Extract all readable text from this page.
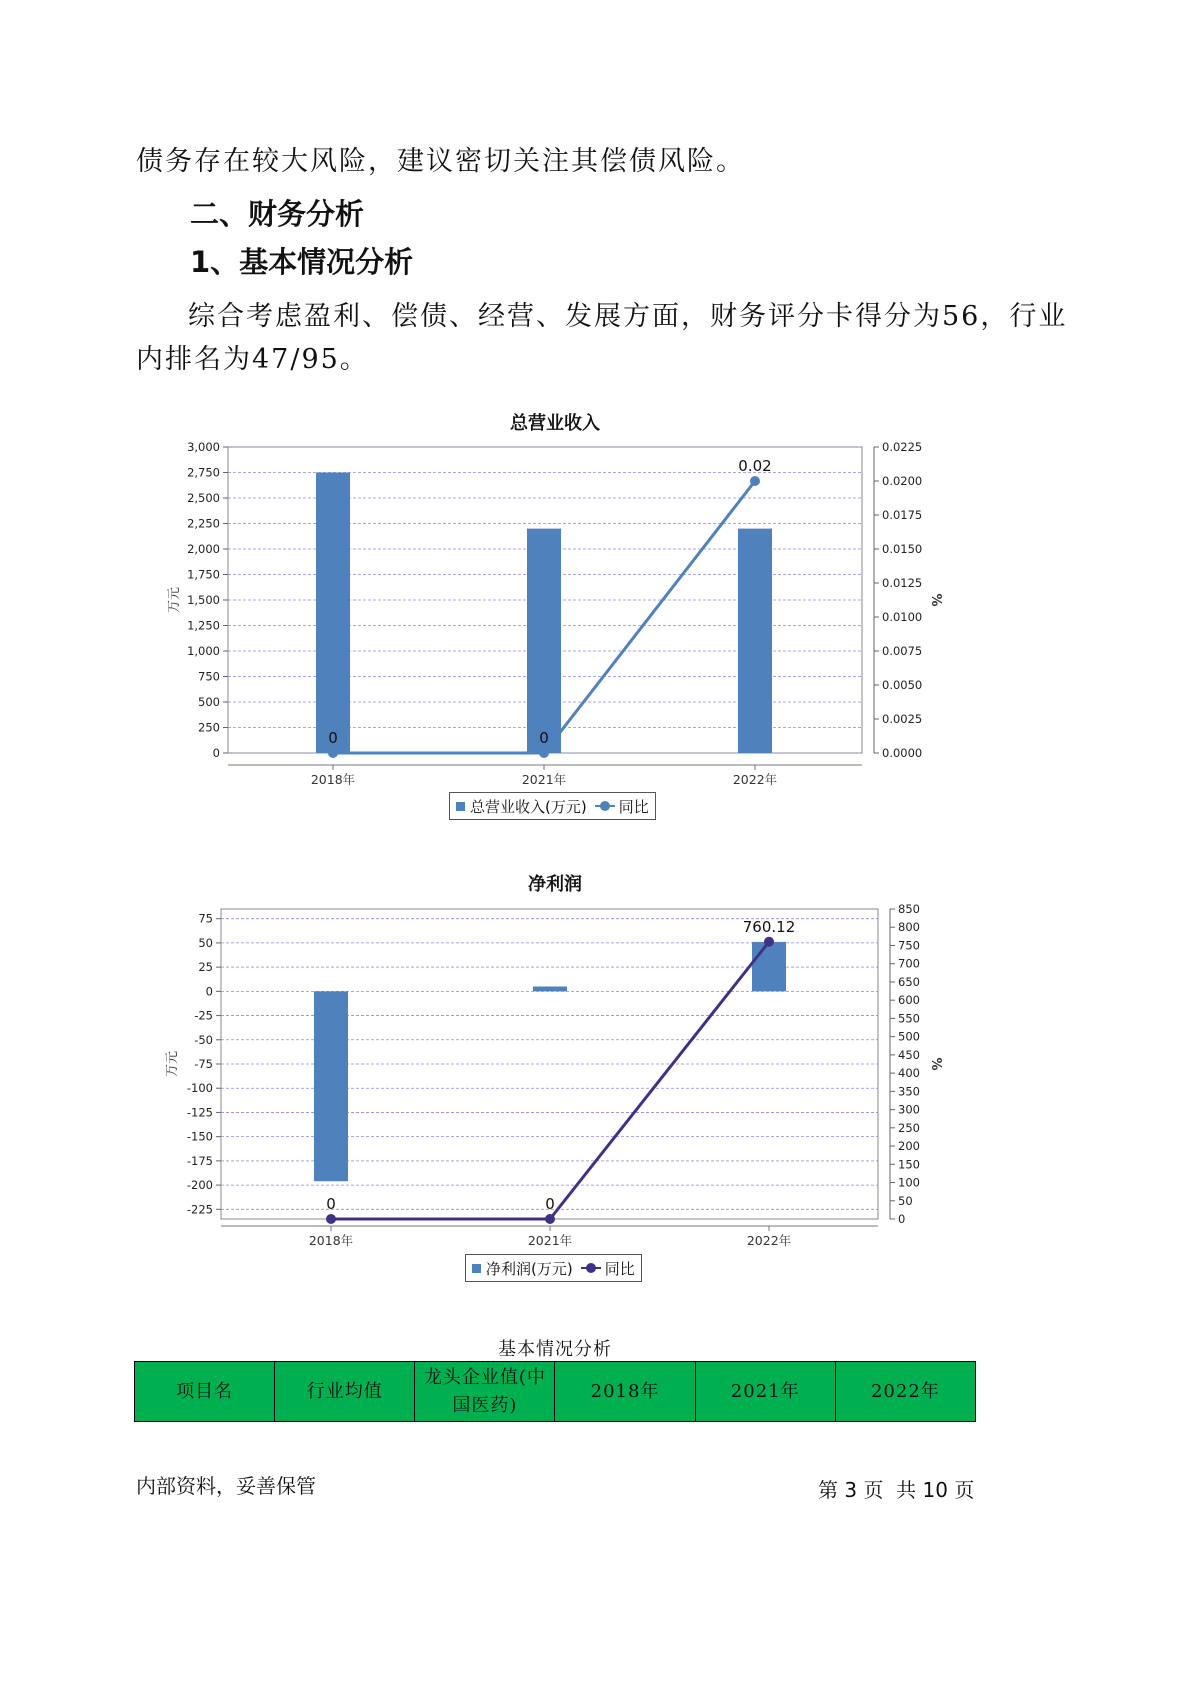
债务存在较大风险，建议密切关注其偿债风险。
二、财务分析
1、基本情况分析
综合考虑盈利、偿债、经营、发展方面，财务评分卡得分为56，行业
内排名为47/95。
总营业收入
0
250
500
750
1,000
1,250
1,500
1,750
2,000
2,250
2,500
2,750
3,000
0.0000
0.0025
0.0050
0.0075
0.0100
0.0125
0.0150
0.0175
0.0200
0.0225
万元	%
2018年	2021年	2022年
0	0
0.02
总营业收入(万元) 同比
净利润
75
50
25
0
-25
-50
-75
-100
-125
-150
-175
-200
-225
0
50
100
150
200
250
300
350
400
450
500
550
600
650
700
750
800
850
万元	%
2018年	2021年	2022年
0	0
760.12
净利润(万元) 同比
基本情况分析
项目名	行业均值	龙头企业值(中国医药)	2018年	2021年	2022年
内部资料，妥善保管	第 3 页  共 10 页
